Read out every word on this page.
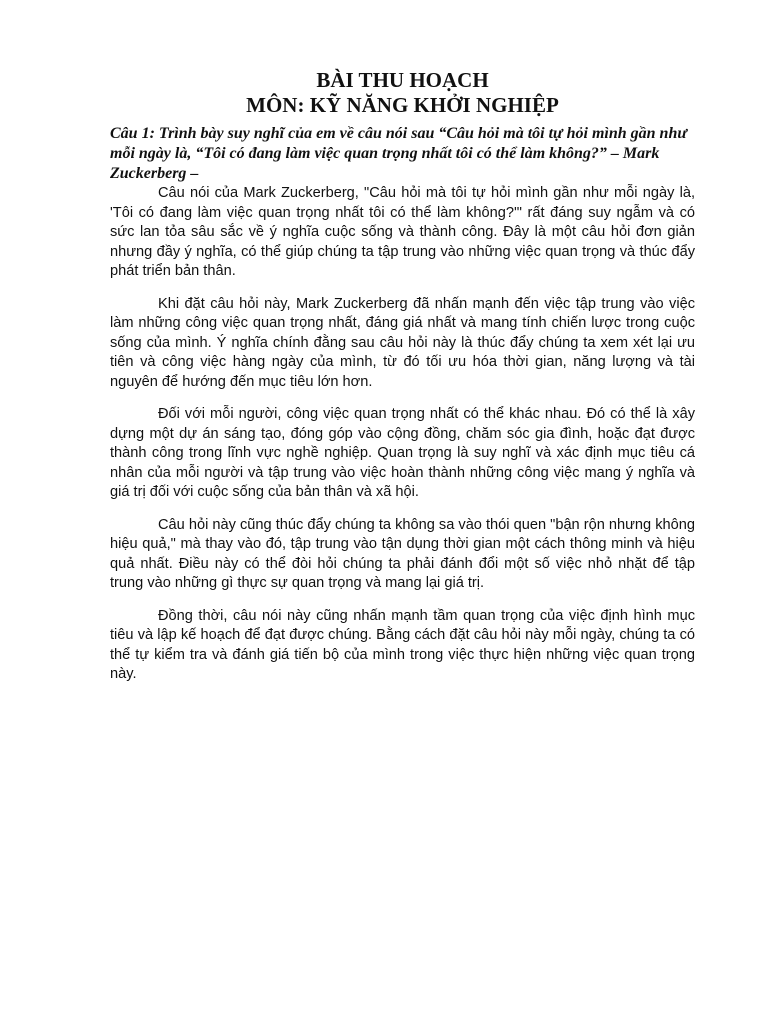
BÀI THU HOẠCH
MÔN: KỸ NĂNG KHỞI NGHIỆP

Câu 1: Trình bày suy nghĩ của em về câu nói sau “Câu hỏi mà tôi tự hỏi mình gần như mỗi ngày là, “Tôi có đang làm việc quan trọng nhất tôi có thể làm không?” – Mark Zuckerberg –

Câu nói của Mark Zuckerberg, "Câu hỏi mà tôi tự hỏi mình gần như mỗi ngày là, 'Tôi có đang làm việc quan trọng nhất tôi có thể làm không?'" rất đáng suy ngẫm và có sức lan tỏa sâu sắc về ý nghĩa cuộc sống và thành công. Đây là một câu hỏi đơn giản nhưng đầy ý nghĩa, có thể giúp chúng ta tập trung vào những việc quan trọng và thúc đẩy phát triển bản thân.

Khi đặt câu hỏi này, Mark Zuckerberg đã nhấn mạnh đến việc tập trung vào việc làm những công việc quan trọng nhất, đáng giá nhất và mang tính chiến lược trong cuộc sống của mình. Ý nghĩa chính đằng sau câu hỏi này là thúc đẩy chúng ta xem xét lại ưu tiên và công việc hàng ngày của mình, từ đó tối ưu hóa thời gian, năng lượng và tài nguyên để hướng đến mục tiêu lớn hơn.

Đối với mỗi người, công việc quan trọng nhất có thể khác nhau. Đó có thể là xây dựng một dự án sáng tạo, đóng góp vào cộng đồng, chăm sóc gia đình, hoặc đạt được thành công trong lĩnh vực nghề nghiệp. Quan trọng là suy nghĩ và xác định mục tiêu cá nhân của mỗi người và tập trung vào việc hoàn thành những công việc mang ý nghĩa và giá trị đối với cuộc sống của bản thân và xã hội.

Câu hỏi này cũng thúc đẩy chúng ta không sa vào thói quen "bận rộn nhưng không hiệu quả," mà thay vào đó, tập trung vào tận dụng thời gian một cách thông minh và hiệu quả nhất. Điều này có thể đòi hỏi chúng ta phải đánh đổi một số việc nhỏ nhặt để tập trung vào những gì thực sự quan trọng và mang lại giá trị.

Đồng thời, câu nói này cũng nhấn mạnh tầm quan trọng của việc định hình mục tiêu và lập kế hoạch để đạt được chúng. Bằng cách đặt câu hỏi này mỗi ngày, chúng ta có thể tự kiểm tra và đánh giá tiến bộ của mình trong việc thực hiện những việc quan trọng này.
